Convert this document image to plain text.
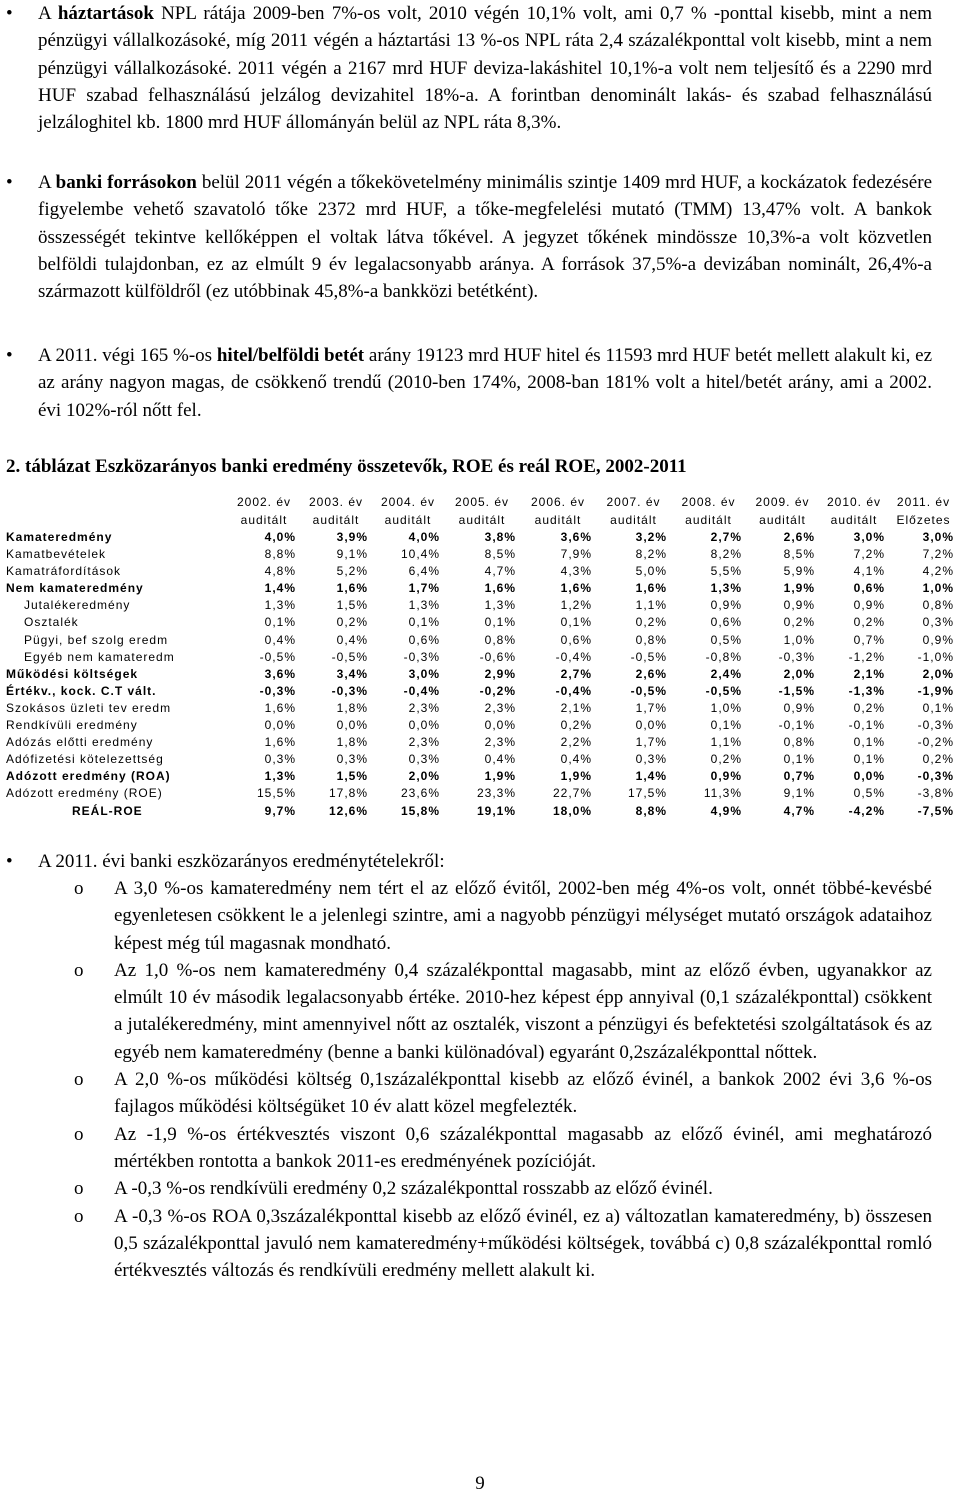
• A háztartások NPL rátája 2009-ben 7%-os volt, 2010 végén 10,1% volt, ami 0,7 % -ponttal kisebb, mint a nem pénzügyi vállalkozásoké, míg 2011 végén a háztartási 13 %-os NPL ráta 2,4 százalékponttal volt kisebb, mint a nem pénzügyi vállalkozásoké. 2011 végén a 2167 mrd HUF deviza-lakáshitel 10,1%-a volt nem teljesítő és a 2290 mrd HUF szabad felhasználású jelzálog devizahitel 18%-a. A forintban denominált lakás- és szabad felhasználású jelzáloghitel kb. 1800 mrd HUF állományán belül az NPL ráta 8,3%.
• A banki forrásokon belül 2011 végén a tőkekövetelmény minimális szintje 1409 mrd HUF, a kockázatok fedezésére figyelembe vehető szavatoló tőke 2372 mrd HUF, a tőke-megfelelési mutató (TMM) 13,47% volt. A bankok összességét tekintve kellőképpen el voltak látva tőkével. A jegyzet tőkének mindössze 10,3%-a volt közvetlen belföldi tulajdonban, ez az elmúlt 9 év legalacsonyabb aránya. A források 37,5%-a devizában nominált, 26,4%-a származott külföldről (ez utóbbinak 45,8%-a bankközi betétként).
• A 2011. végi 165 %-os hitel/belföldi betét arány 19123 mrd HUF hitel és 11593 mrd HUF betét mellett alakult ki, ez az arány nagyon magas, de csökkenő trendű (2010-ben 174%, 2008-ban 181% volt a hitel/betét arány, ami a 2002. évi 102%-ról nőtt fel.
2. táblázat Eszközarányos banki eredmény összetevők, ROE és reál ROE, 2002-2011
	2002. év	2003. év	2004. év	2005. év	2006. év	2007. év	2008. év	2009. év	2010. év	2011. év
	auditált	auditált	auditált	auditált	auditált	auditált	auditált	auditált	auditált	Előzetes
Kamateredmény	4,0%	3,9%	4,0%	3,8%	3,6%	3,2%	2,7%	2,6%	3,0%	3,0%
Kamatbevételek	8,8%	9,1%	10,4%	8,5%	7,9%	8,2%	8,2%	8,5%	7,2%	7,2%
Kamatráfordítások	4,8%	5,2%	6,4%	4,7%	4,3%	5,0%	5,5%	5,9%	4,1%	4,2%
Nem kamateredmény	1,4%	1,6%	1,7%	1,6%	1,6%	1,6%	1,3%	1,9%	0,6%	1,0%
Jutalékeredmény	1,3%	1,5%	1,3%	1,3%	1,2%	1,1%	0,9%	0,9%	0,9%	0,8%
Osztalék	0,1%	0,2%	0,1%	0,1%	0,1%	0,2%	0,6%	0,2%	0,2%	0,3%
Pügyi, bef szolg eredm	0,4%	0,4%	0,6%	0,8%	0,6%	0,8%	0,5%	1,0%	0,7%	0,9%
Egyéb nem kamateredm	-0,5%	-0,5%	-0,3%	-0,6%	-0,4%	-0,5%	-0,8%	-0,3%	-1,2%	-1,0%
Működési költségek	3,6%	3,4%	3,0%	2,9%	2,7%	2,6%	2,4%	2,0%	2,1%	2,0%
Értékv., kock. C.T vált.	-0,3%	-0,3%	-0,4%	-0,2%	-0,4%	-0,5%	-0,5%	-1,5%	-1,3%	-1,9%
Szokásos üzleti tev eredm	1,6%	1,8%	2,3%	2,3%	2,1%	1,7%	1,0%	0,9%	0,2%	0,1%
Rendkívüli eredmény	0,0%	0,0%	0,0%	0,0%	0,2%	0,0%	0,1%	-0,1%	-0,1%	-0,3%
Adózás előtti eredmény	1,6%	1,8%	2,3%	2,3%	2,2%	1,7%	1,1%	0,8%	0,1%	-0,2%
Adófizetési kötelezettség	0,3%	0,3%	0,3%	0,4%	0,4%	0,3%	0,2%	0,1%	0,1%	0,2%
Adózott eredmény (ROA)	1,3%	1,5%	2,0%	1,9%	1,9%	1,4%	0,9%	0,7%	0,0%	-0,3%
Adózott eredmény (ROE)	15,5%	17,8%	23,6%	23,3%	22,7%	17,5%	11,3%	9,1%	0,5%	-3,8%
REÁL-ROE	9,7%	12,6%	15,8%	19,1%	18,0%	8,8%	4,9%	4,7%	-4,2%	-7,5%
• A 2011. évi banki eszközarányos eredménytételekről:
o A 3,0 %-os kamateredmény nem tért el az előző évitől, 2002-ben még 4%-os volt, onnét többé-kevésbé egyenletesen csökkent le a jelenlegi szintre, ami a nagyobb pénzügyi mélységet mutató országok adataihoz képest még túl magasnak mondható.
o Az 1,0 %-os nem kamateredmény 0,4 százalékponttal magasabb, mint az előző évben, ugyanakkor az elmúlt 10 év második legalacsonyabb értéke. 2010-hez képest épp annyival (0,1 százalékponttal) csökkent a jutalékeredmény, mint amennyivel nőtt az osztalék, viszont a pénzügyi és befektetési szolgáltatások és az egyéb nem kamateredmény (benne a banki különadóval) egyaránt 0,2százalékponttal nőttek.
o A 2,0 %-os működési költség 0,1százalékponttal kisebb az előző évinél, a bankok 2002 évi 3,6 %-os fajlagos működési költségüket 10 év alatt közel megfelezték.
o Az -1,9 %-os értékvesztés viszont 0,6 százalékponttal magasabb az előző évinél, ami meghatározó mértékben rontotta a bankok 2011-es eredményének pozícióját.
o A -0,3 %-os rendkívüli eredmény 0,2 százalékponttal rosszabb az előző évinél.
o A -0,3 %-os ROA 0,3százalékponttal kisebb az előző évinél, ez a) változatlan kamateredmény, b) összesen 0,5 százalékponttal javuló nem kamateredmény+működési költségek, továbbá c) 0,8 százalékponttal romló értékvesztés változás és rendkívüli eredmény mellett alakult ki.
9
